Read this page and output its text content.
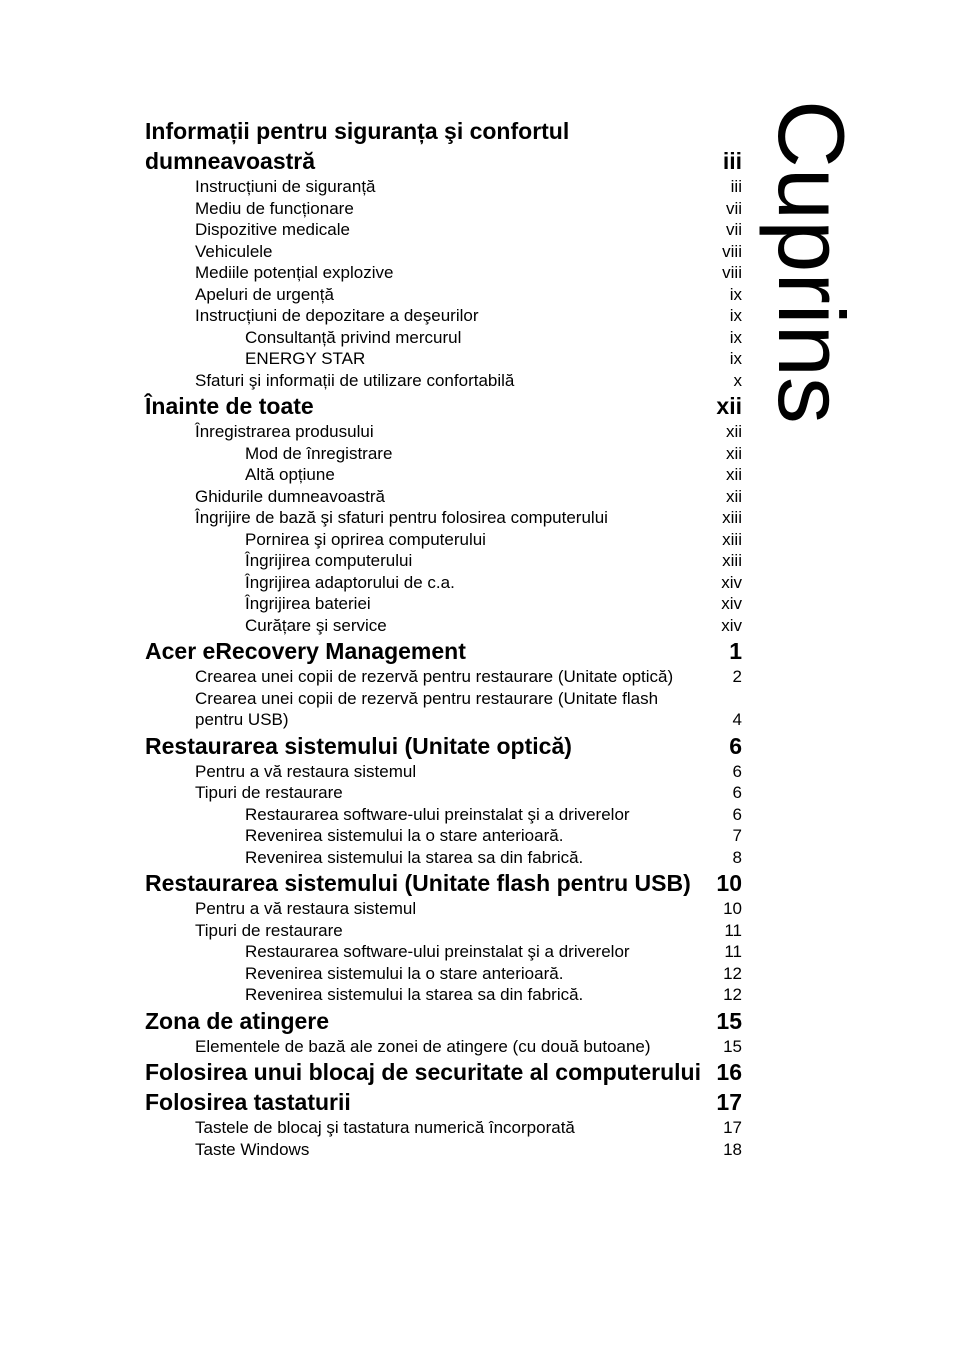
Cuprins
Informații pentru siguranța şi confortul dumneavoastră	iii
Instrucțiuni de siguranță	iii
Mediu de funcționare	vii
Dispozitive medicale	vii
Vehiculele	viii
Mediile potențial explozive	viii
Apeluri de urgență	ix
Instrucțiuni de depozitare a deşeurilor	ix
Consultanță privind mercurul	ix
ENERGY STAR	ix
Sfaturi şi informații de utilizare confortabilă	x
Înainte de toate	xii
Înregistrarea produsului	xii
Mod de înregistrare	xii
Altă opțiune	xii
Ghidurile dumneavoastră	xii
Îngrijire de bază şi sfaturi pentru folosirea computerului	xiii
Pornirea şi oprirea computerului	xiii
Îngrijirea computerului	xiii
Îngrijirea adaptorului de c.a.	xiv
Îngrijirea bateriei	xiv
Curățare şi service	xiv
Acer eRecovery Management	1
Crearea unei copii de rezervă pentru restaurare (Unitate optică)	2
Crearea unei copii de rezervă pentru restaurare (Unitate flash pentru USB)	4
Restaurarea sistemului (Unitate optică)	6
Pentru a vă restaura sistemul	6
Tipuri de restaurare	6
Restaurarea software-ului preinstalat şi a driverelor	6
Revenirea sistemului la o stare anterioară.	7
Revenirea sistemului la starea sa din fabrică.	8
Restaurarea sistemului (Unitate flash pentru USB)	10
Pentru a vă restaura sistemul	10
Tipuri de restaurare	11
Restaurarea software-ului preinstalat şi a driverelor	11
Revenirea sistemului la o stare anterioară.	12
Revenirea sistemului la starea sa din fabrică.	12
Zona de atingere	15
Elementele de bază ale zonei de atingere (cu două butoane)	15
Folosirea unui blocaj de securitate al computerului 16
Folosirea tastaturii	17
Tastele de blocaj şi tastatura numerică încorporată	17
Taste Windows	18
